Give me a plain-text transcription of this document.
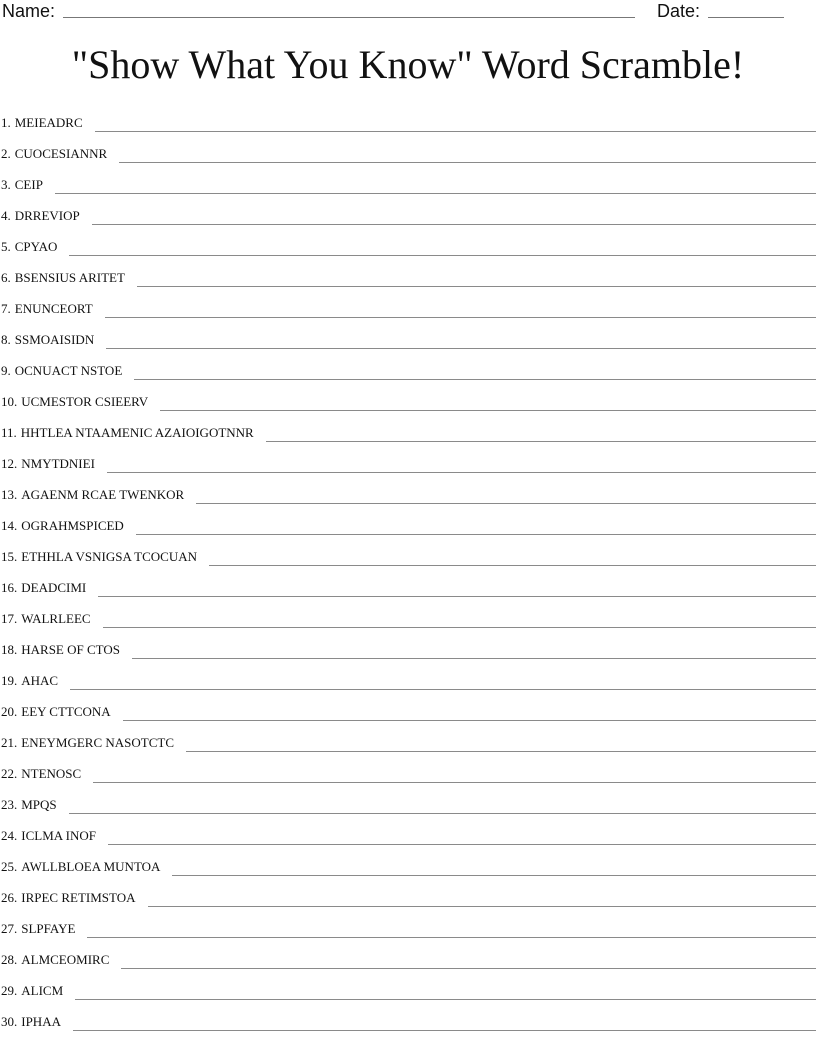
Name:	Date:
"Show What You Know" Word Scramble!
1. MEIEADRC
2. CUOCESIANNR
3. CEIP
4. DRREVIOP
5. CPYAO
6. BSENSIUS ARITET
7. ENUNCEORT
8. SSMOAISIDN
9. OCNUACT NSTOE
10. UCMESTOR CSIEERV
11. HHTLEA NTAAMENIC AZAIOIGOTNNR
12. NMYTDNIEI
13. AGAENM RCAE TWENKOR
14. OGRAHMSPICED
15. ETHHLA VSNIGSA TCOCUAN
16. DEADCIMI
17. WALRLEEC
18. HARSE OF CTOS
19. AHAC
20. EEY CTTCONA
21. ENEYMGERC NASOTCTC
22. NTENOSC
23. MPQS
24. ICLMA INOF
25. AWLLBLOEA MUNTOA
26. IRPEC RETIMSTOA
27. SLPFAYE
28. ALMCEOMIRC
29. ALICM
30. IPHAA
